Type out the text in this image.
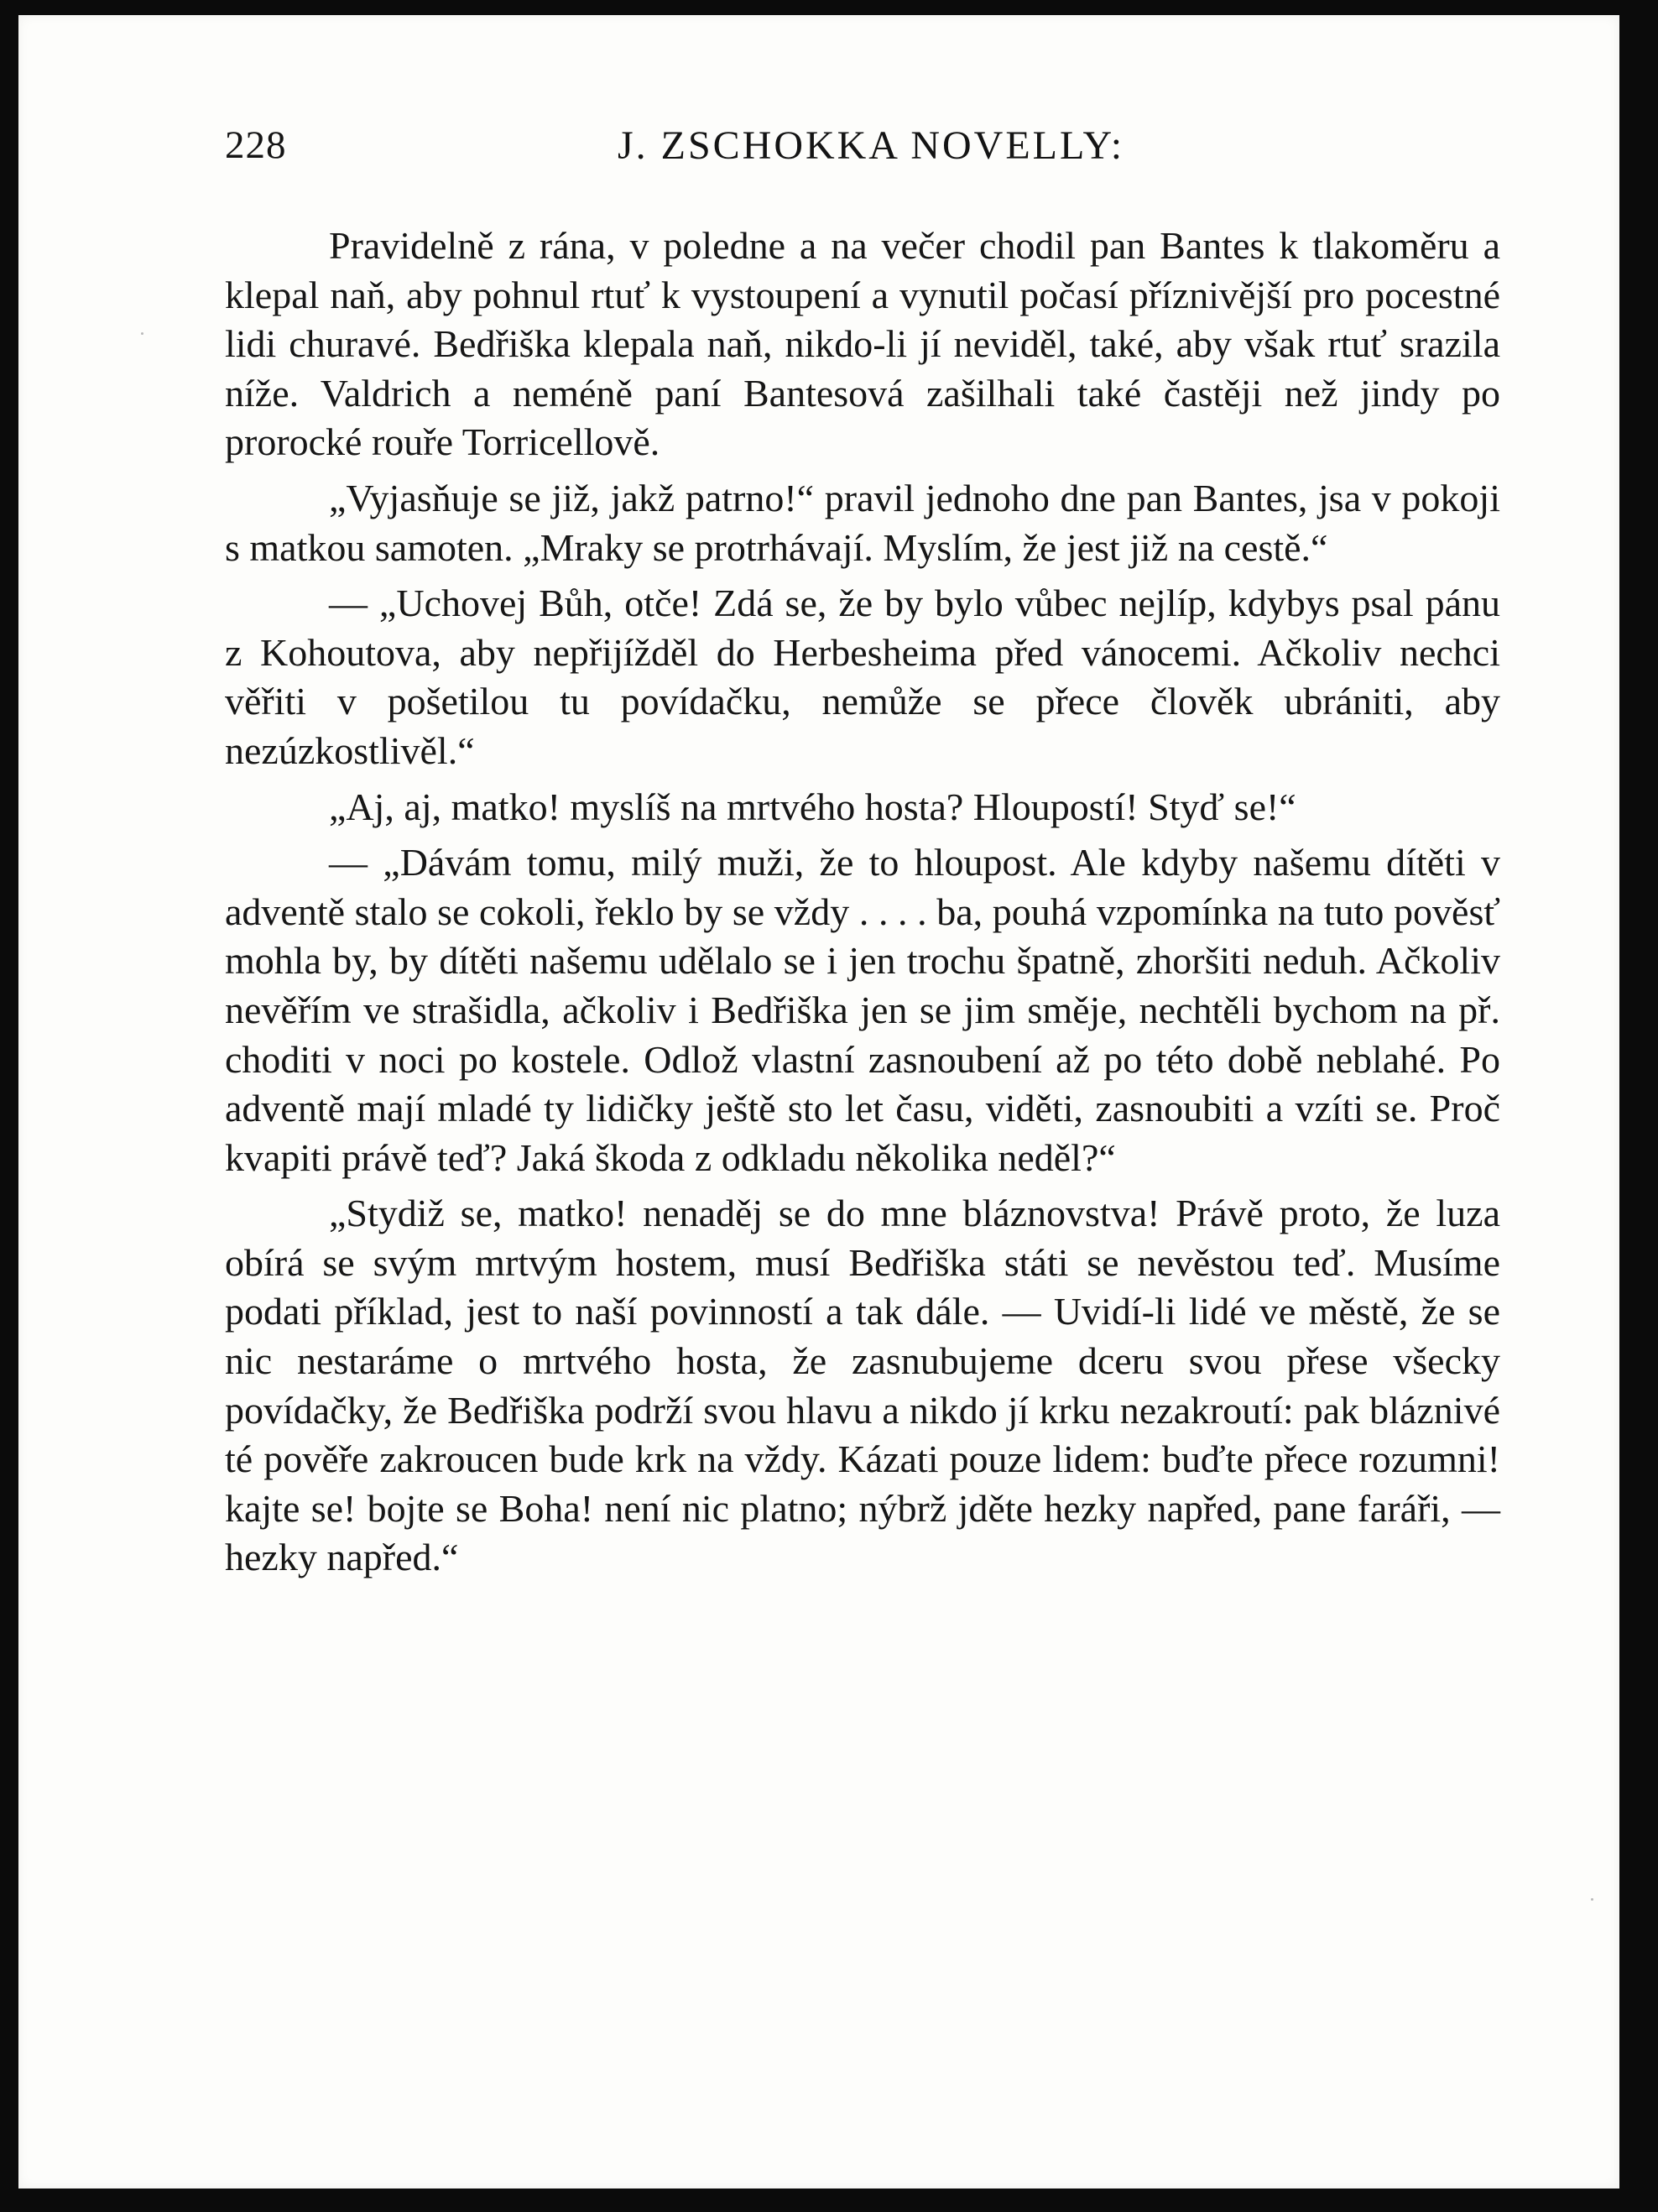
228	J. ZSCHOKKA NOVELLY:

Pravidelně z rána, v poledne a na večer chodil pan Bantes k tlakoměru a klepal naň, aby pohnul rtuť k vystoupení a vynutil počasí příznivější pro pocestné lidi churavé. Bedřiška klepala naň, nikdo-li jí neviděl, také, aby však rtuť srazila níže. Valdrich a neméně paní Bantesová zašilhali také častěji než jindy po prorocké rouře Torricellově.

„Vyjasňuje se již, jakž patrno!“ pravil jednoho dne pan Bantes, jsa v pokoji s matkou samoten. „Mraky se protrhávají. Myslím, že jest již na cestě.“

— „Uchovej Bůh, otče! Zdá se, že by bylo vůbec nejlíp, kdybys psal pánu z Kohoutova, aby nepřijížděl do Herbesheima před vánocemi. Ačkoliv nechci věřiti v pošetilou tu povídačku, nemůže se přece člověk ubrániti, aby nezúzkostlivěl.“

„Aj, aj, matko! myslíš na mrtvého hosta? Hloupostí! Styď se!“

— „Dávám tomu, milý muži, že to hloupost. Ale kdyby našemu dítěti v adventě stalo se cokoli, řeklo by se vždy . . . . ba, pouhá vzpomínka na tuto pověsť mohla by, by dítěti našemu udělalo se i jen trochu špatně, zhoršiti neduh. Ačkoliv nevěřím ve strašidla, ačkoliv i Bedřiška jen se jim směje, nechtěli bychom na př. choditi v noci po kostele. Odlož vlastní zasnoubení až po této době neblahé. Po adventě mají mladé ty lidičky ještě sto let času, viděti, zasnoubiti a vzíti se. Proč kvapiti právě teď? Jaká škoda z odkladu několika neděl?“

„Stydiž se, matko! nenaděj se do mne bláznovstva! Právě proto, že luza obírá se svým mrtvým hostem, musí Bedřiška státi se nevěstou teď. Musíme podati příklad, jest to naší povinností a tak dále. — Uvidí-li lidé ve městě, že se nic nestaráme o mrtvého hosta, že zasnubujeme dceru svou přese všecky povídačky, že Bedřiška podrží svou hlavu a nikdo jí krku nezakroutí: pak bláznivé té pověře zakroucen bude krk na vždy. Kázati pouze lidem: buďte přece rozumni! kajte se! bojte se Boha! není nic platno; nýbrž jděte hezky napřed, pane faráři, — hezky napřed.“
